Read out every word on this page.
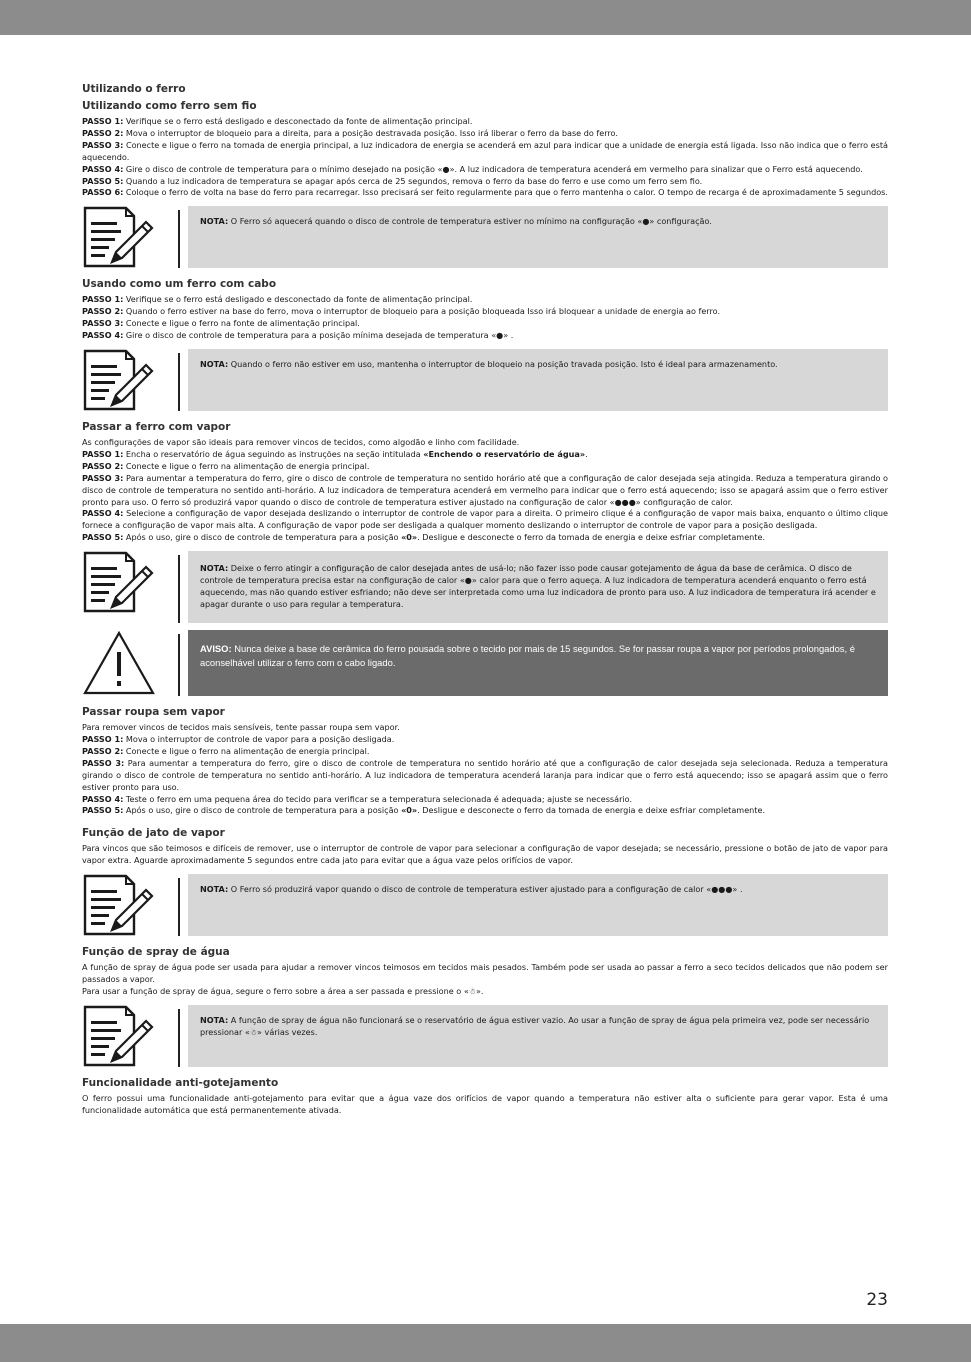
Utilizando o ferro
Utilizando como ferro sem fio

PASSO 1: Verifique se o ferro está desligado e desconectado da fonte de alimentação principal.

PASSO 2: Mova o interruptor de bloqueio para a direita, para a posição destravada posição. Isso irá liberar o ferro da base do ferro.

PASSO 3: Conecte e ligue o ferro na tomada de energia principal, a luz indicadora de energia se acenderá em azul para indicar que a unidade de energia está ligada. Isso não indica que o ferro está aquecendo.

PASSO 4: Gire o disco de controle de temperatura para o mínimo desejado na posição «●». A luz indicadora de temperatura acenderá em vermelho para sinalizar que o Ferro está aquecendo.

PASSO 5: Quando a luz indicadora de temperatura se apagar após cerca de 25 segundos, remova o ferro da base do ferro e use como um ferro sem fio.

PASSO 6: Coloque o ferro de volta na base do ferro para recarregar. Isso precisará ser feito regularmente para que o ferro mantenha o calor. O tempo de recarga é de aproximadamente 5 segundos.

NOTA: O Ferro só aquecerá quando o disco de controle de temperatura estiver no mínimo na configuração «●» configuração.

Usando como um ferro com cabo

PASSO 1: Verifique se o ferro está desligado e desconectado da fonte de alimentação principal.

PASSO 2: Quando o ferro estiver na base do ferro, mova o interruptor de bloqueio para a posição bloqueada Isso irá bloquear a unidade de energia ao ferro.

PASSO 3: Conecte e ligue o ferro na fonte de alimentação principal.

PASSO 4: Gire o disco de controle de temperatura para a posição mínima desejada de temperatura «●» .

NOTA: Quando o ferro não estiver em uso, mantenha o interruptor de bloqueio na posição travada posição. Isto é ideal para armazenamento.

Passar a ferro com vapor

As configurações de vapor são ideais para remover vincos de tecidos, como algodão e linho com facilidade.

PASSO 1: Encha o reservatório de água seguindo as instruções na seção intitulada «Enchendo o reservatório de água».

PASSO 2: Conecte e ligue o ferro na alimentação de energia principal.

PASSO 3: Para aumentar a temperatura do ferro, gire o disco de controle de temperatura no sentido horário até que a configuração de calor desejada seja atingida. Reduza a temperatura girando o disco de controle de temperatura no sentido anti-horário. A luz indicadora de temperatura acenderá em vermelho para indicar que o ferro está aquecendo; isso se apagará assim que o ferro estiver pronto para uso. O ferro só produzirá vapor quando o disco de controle de temperatura estiver ajustado na configuração de calor «●●●» configuração de calor.

PASSO 4: Selecione a configuração de vapor desejada deslizando o interruptor de controle de vapor para a direita. O primeiro clique é a configuração de vapor mais baixa, enquanto o último clique fornece a configuração de vapor mais alta. A configuração de vapor pode ser desligada a qualquer momento deslizando o interruptor de controle de vapor para a posição desligada.

PASSO 5: Após o uso, gire o disco de controle de temperatura para a posição «0». Desligue e desconecte o ferro da tomada de energia e deixe esfriar completamente.

NOTA: Deixe o ferro atingir a configuração de calor desejada antes de usá-lo; não fazer isso pode causar gotejamento de água da base de cerâmica. O disco de controle de temperatura precisa estar na configuração de calor «●» calor para que o ferro aqueça. A luz indicadora de temperatura acenderá enquanto o ferro está aquecendo, mas não quando estiver esfriando; não deve ser interpretada como uma luz indicadora de pronto para uso. A luz indicadora de temperatura irá acender e apagar durante o uso para regular a temperatura.

AVISO: Nunca deixe a base de cerâmica do ferro pousada sobre o tecido por mais de 15 segundos. Se for passar roupa a vapor por períodos prolongados, é aconselhável utilizar o ferro com o cabo ligado.

Passar roupa sem vapor

Para remover vincos de tecidos mais sensíveis, tente passar roupa sem vapor.

PASSO 1: Mova o interruptor de controle de vapor para a posição desligada.

PASSO 2: Conecte e ligue o ferro na alimentação de energia principal.

PASSO 3: Para aumentar a temperatura do ferro, gire o disco de controle de temperatura no sentido horário até que a configuração de calor desejada seja selecionada. Reduza a temperatura girando o disco de controle de temperatura no sentido anti-horário. A luz indicadora de temperatura acenderá laranja para indicar que o ferro está aquecendo; isso se apagará assim que o ferro estiver pronto para uso.

PASSO 4: Teste o ferro em uma pequena área do tecido para verificar se a temperatura selecionada é adequada; ajuste se necessário.

PASSO 5: Após o uso, gire o disco de controle de temperatura para a posição «0». Desligue e desconecte o ferro da tomada de energia e deixe esfriar completamente.

Função de jato de vapor

Para vincos que são teimosos e difíceis de remover, use o interruptor de controle de vapor para selecionar a configuração de vapor desejada; se necessário, pressione o botão de jato de vapor para vapor extra. Aguarde aproximadamente 5 segundos entre cada jato para evitar que a água vaze pelos orifícios de vapor.

NOTA: O Ferro só produzirá vapor quando o disco de controle de temperatura estiver ajustado para a configuração de calor «●●●» .

Função de spray de água

A função de spray de água pode ser usada para ajudar a remover vincos teimosos em tecidos mais pesados. Também pode ser usada ao passar a ferro a seco tecidos delicados que não podem ser passados a vapor.

Para usar a função de spray de água, segure o ferro sobre a área a ser passada e pressione o «☃».

NOTA: A função de spray de água não funcionará se o reservatório de água estiver vazio. Ao usar a função de spray de água pela primeira vez, pode ser necessário pressionar «☃» várias vezes.

Funcionalidade anti-gotejamento

O ferro possui uma funcionalidade anti-gotejamento para evitar que a água vaze dos orifícios de vapor quando a temperatura não estiver alta o suficiente para gerar vapor. Esta é uma funcionalidade automática que está permanentemente ativada.

23
